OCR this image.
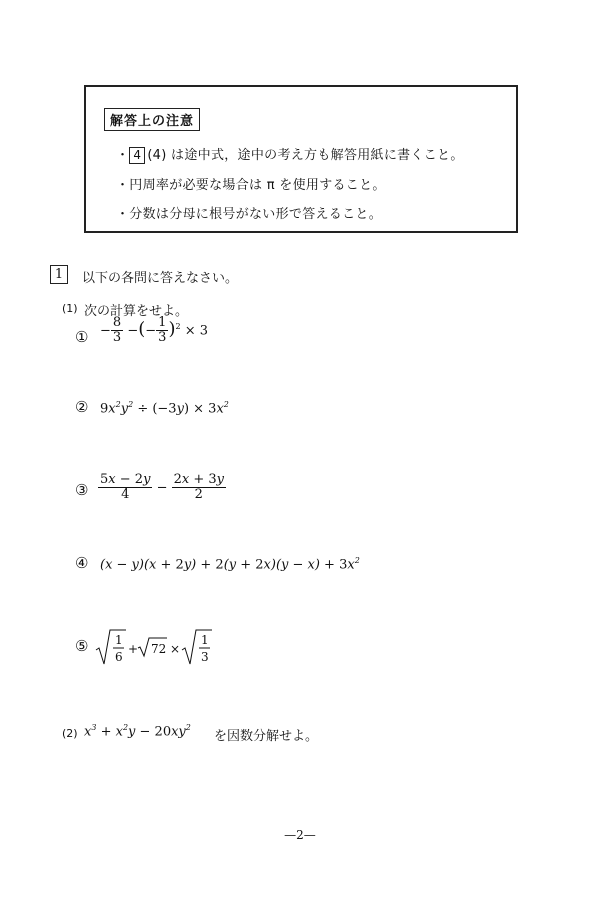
解答上の注意
・ 4 (4) は途中式，途中の考え方も解答用紙に書くこと。
・円周率が必要な場合は π を使用すること。
・分数は分母に根号がない形で答えること。
1	以下の各問に答えなさい。
(1) 次の計算をせよ。
① − $\frac{8}{3}$ −(− $\frac{1}{3} )^2 \times 3$
② $9x^2y^2 \div (-3y) \times 3x^2$
③ $\frac{5x - 2y}{4} - \frac{2x + 3y}{2}$
④ $(x - y)(x + 2y) + 2(y + 2x)(y - x) + 3x^2$
⑤ 1
6
+ 72 ×
1
3
(2) $x^3 + x^2y - 20xy^2$
を因数分解せよ。
—2—
